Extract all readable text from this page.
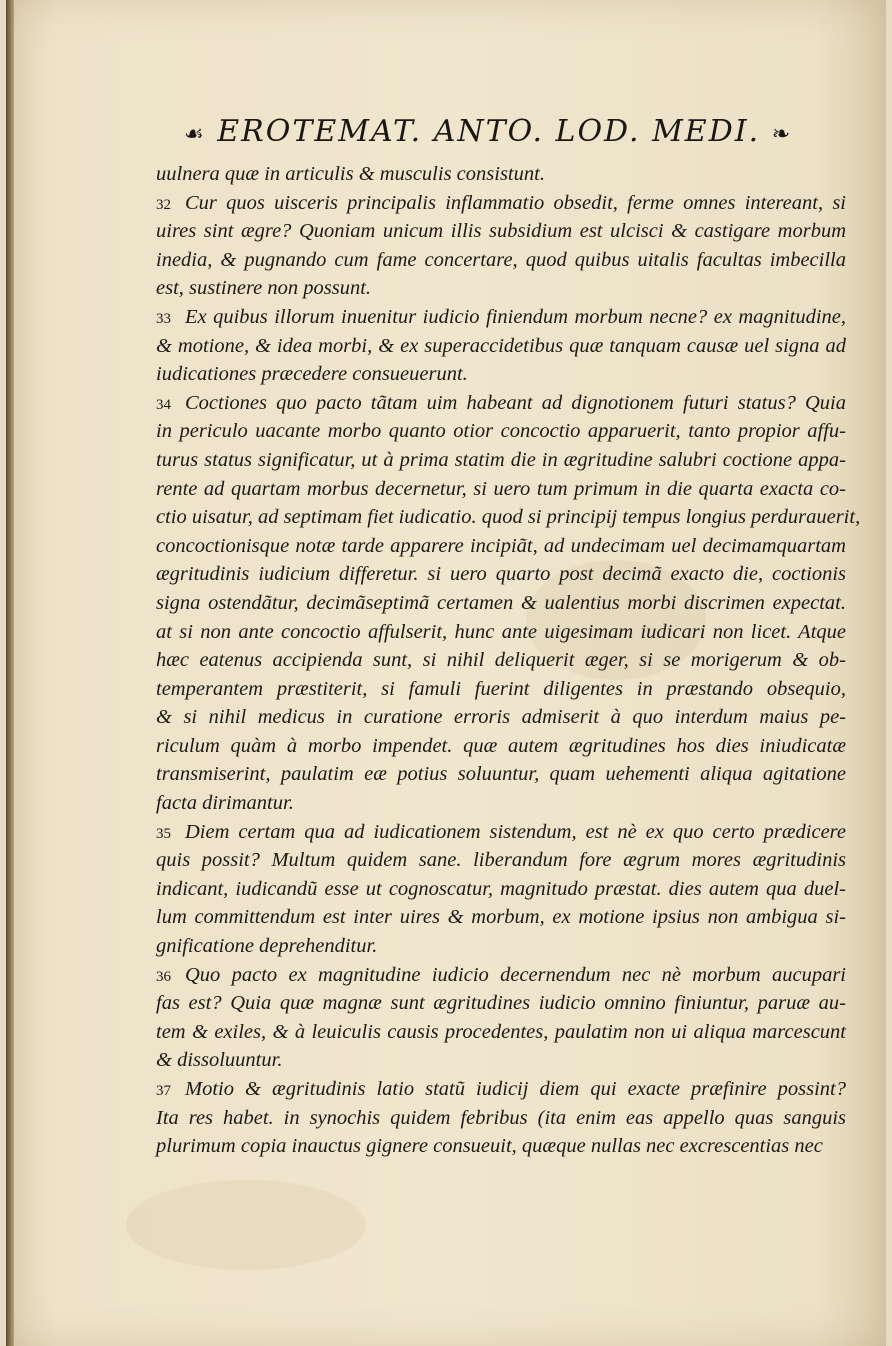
☙ EROTEMAT. ANTO. LOD. MEDI. ❧
uulnera quæ in articulis & musculis consistunt.
32 Cur quos uisceris principalis inflammatio obsedit, ferme omnes intereant, si
uires sint ægre? Quoniam unicum illis subsidium est ulcisci & castigare morbum
inedia, & pugnando cum fame concertare, quod quibus uitalis facultas imbecilla
est, sustinere non possunt.
33 Ex quibus illorum inuenitur iudicio finiendum morbum necne? ex magnitudine,
& motione, & idea morbi, & ex superaccidetibus quæ tanquam causæ uel signa ad
iudicationes præcedere consueuerunt.
34 Coctiones quo pacto tãtam uim habeant ad dignotionem futuri status? Quia
in periculo uacante morbo quanto otior concoctio apparuerit, tanto propior affu-
turus status significatur, ut à prima statim die in ægritudine salubri coctione appa-
rente ad quartam morbus decernetur, si uero tum primum in die quarta exacta co-
ctio uisatur, ad septimam fiet iudicatio. quod si principij tempus longius perdurauerit,
concoctionisque notæ tarde apparere incipiãt, ad undecimam uel decimamquartam
ægritudinis iudicium differetur. si uero quarto post decimã exacto die, coctionis
signa ostendãtur, decimãseptimã certamen & ualentius morbi discrimen expectat.
at si non ante concoctio affulserit, hunc ante uigesimam iudicari non licet. Atque
hæc eatenus accipienda sunt, si nihil deliquerit æger, si se morigerum & ob-
temperantem præstiterit, si famuli fuerint diligentes in præstando obsequio,
& si nihil medicus in curatione erroris admiserit à quo interdum maius pe-
riculum quàm à morbo impendet. quæ autem ægritudines hos dies iniudicatæ
transmiserint, paulatim eæ potius soluuntur, quam uehementi aliqua agitatione
facta dirimantur.
35 Diem certam qua ad iudicationem sistendum, est nè ex quo certo prædicere
quis possit? Multum quidem sane. liberandum fore ægrum mores ægritudinis
indicant, iudicandũ esse ut cognoscatur, magnitudo præstat. dies autem qua duel-
lum committendum est inter uires & morbum, ex motione ipsius non ambigua si-
gnificatione deprehenditur.
36 Quo pacto ex magnitudine iudicio decernendum nec nè morbum aucupari
fas est? Quia quæ magnæ sunt ægritudines iudicio omnino finiuntur, paruæ au-
tem & exiles, & à leuiculis causis procedentes, paulatim non ui aliqua marcescunt
& dissoluuntur.
37 Motio & ægritudinis latio statũ iudicij diem qui exacte præfinire possint?
Ita res habet. in synochis quidem febribus (ita enim eas appello quas sanguis
plurimum copia inauctus gignere consueuit, quæque nullas nec excrescentias nec
